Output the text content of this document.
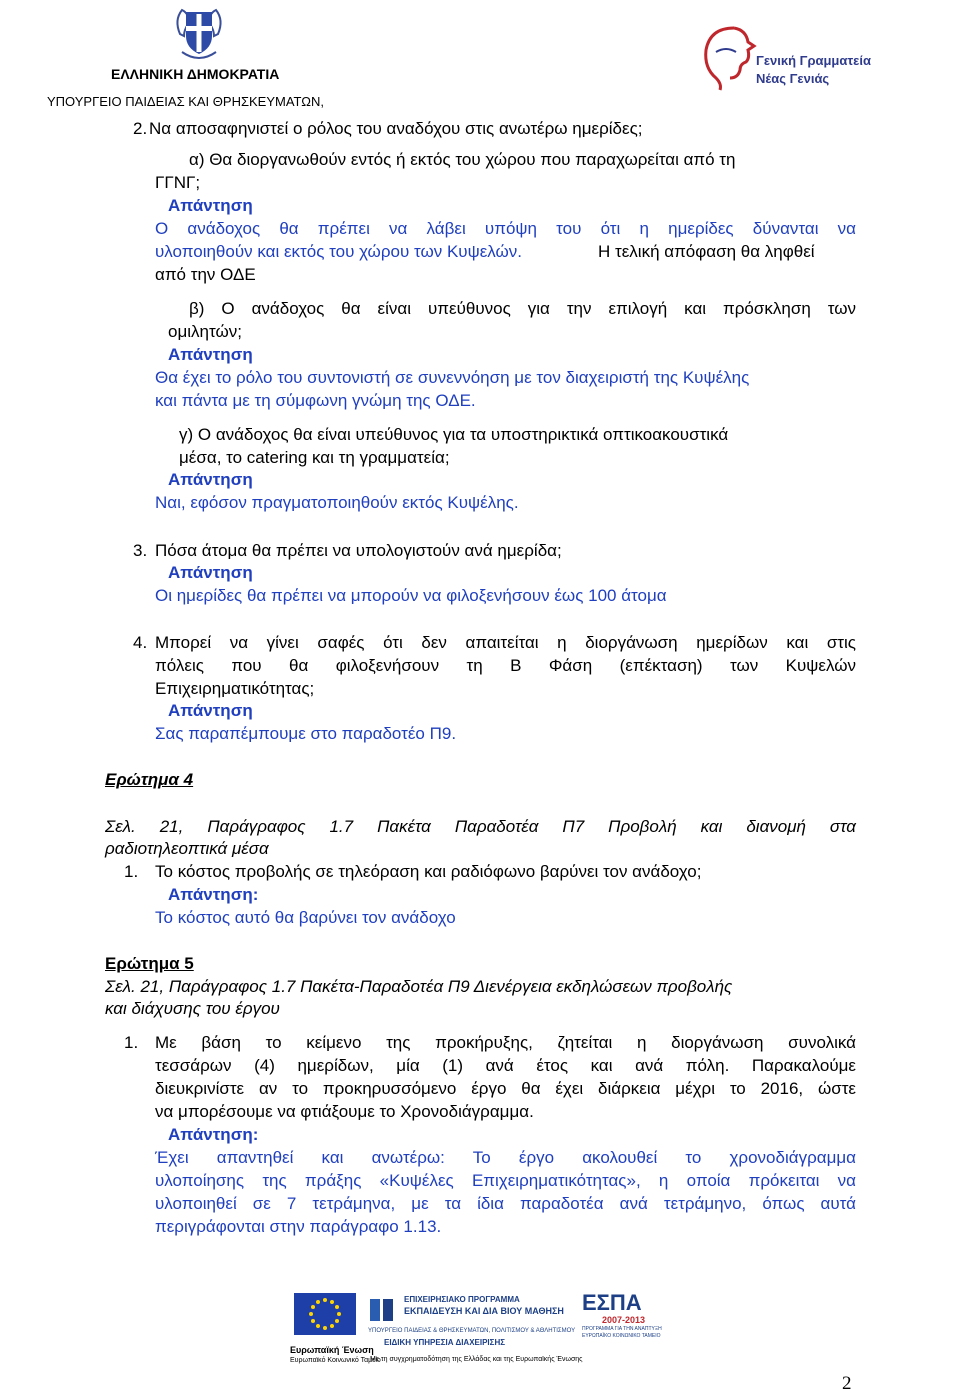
ΕΛΛΗΝΙΚΗ ΔΗΜΟΚΡΑΤΙΑ
ΥΠΟΥΡΓΕΙΟ ΠΑΙΔΕΙΑΣ ΚΑΙ ΘΡΗΣΚΕΥΜΑΤΩΝ,
Γενική Γραμματεία
Νέας Γενιάς
2. Να αποσαφηνιστεί ο ρόλος του αναδόχου στις ανωτέρω ημερίδες;
α) Θα διοργανωθούν εντός ή εκτός του χώρου που παραχωρείται από τη
ΓΓΝΓ;
Απάντηση
Ο ανάδοχος θα πρέπει να λάβει υπόψη του ότι η ημερίδες δύνανται να
υλοποιηθούν και εκτός του χώρου των Κυψελών.	Η τελική απόφαση θα ληφθεί
από την ΟΔΕ
β) Ο ανάδοχος θα είναι υπεύθυνος για την επιλογή και πρόσκληση των
ομιλητών;
Απάντηση
Θα έχει το ρόλο του συντονιστή σε συνεννόηση με τον διαχειριστή της Κυψέλης
και πάντα με τη σύμφωνη γνώμη της ΟΔΕ.
γ) Ο ανάδοχος θα είναι υπεύθυνος για τα υποστηρικτικά οπτικοακουστικά
μέσα, το catering και τη γραμματεία;
Απάντηση
Ναι, εφόσον πραγματοποιηθούν εκτός Κυψέλης.
3. Πόσα άτομα θα πρέπει να υπολογιστούν ανά ημερίδα;
Απάντηση
Οι ημερίδες θα πρέπει να μπορούν να φιλοξενήσουν έως 100 άτομα
4. Μπορεί να γίνει σαφές ότι δεν απαιτείται η διοργάνωση ημερίδων και στις
πόλεις που θα φιλοξενήσουν τη Β Φάση (επέκταση) των Κυψελών
Επιχειρηματικότητας;
Απάντηση
Σας παραπέμπουμε στο παραδοτέο Π9.
Ερώτημα 4
Σελ. 21, Παράγραφος 1.7 Πακέτα Παραδοτέα Π7 Προβολή και διανομή στα
ραδιοτηλεοπτικά μέσα
1. Το κόστος προβολής σε τηλεόραση και ραδιόφωνο βαρύνει τον ανάδοχο;
Απάντηση:
Το κόστος αυτό θα βαρύνει τον ανάδοχο
Ερώτημα 5
Σελ. 21, Παράγραφος 1.7 Πακέτα-Παραδοτέα Π9 Διενέργεια εκδηλώσεων προβολής
και διάχυσης του έργου
1. Με βάση το κείμενο της προκήρυξης, ζητείται η διοργάνωση συνολικά
τεσσάρων (4) ημερίδων, μία (1) ανά έτος και ανά πόλη. Παρακαλούμε
διευκρινίστε αν το προκηρυσσόμενο έργο θα έχει διάρκεια μέχρι το 2016, ώστε
να μπορέσουμε να φτιάξουμε το Χρονοδιάγραμμα.
Απάντηση:
Έχει απαντηθεί και ανωτέρω: Το έργο ακολουθεί το χρονοδιάγραμμα
υλοποίησης της πράξης «Κυψέλες Επιχειρηματικότητας», η οποία πρόκειται να
υλοποιηθεί σε 7 τετράμηνα, με τα ίδια παραδοτέα ανά τετράμηνο, όπως αυτά
περιγράφονται στην παράγραφο 1.13.
Ευρωπαϊκή Ένωση
Ευρωπαϊκό Κοινωνικό Ταμείο
ΕΠΙΧΕΙΡΗΣΙΑΚΟ ΠΡΟΓΡΑΜΜΑ
ΕΚΠΑΙΔΕΥΣΗ ΚΑΙ ΔΙΑ ΒΙΟΥ ΜΑΘΗΣΗ
ΥΠΟΥΡΓΕΙΟ ΠΑΙΔΕΙΑΣ & ΘΡΗΣΚΕΥΜΑΤΩΝ, ΠΟΛΙΤΙΣΜΟΥ & ΑΘΛΗΤΙΣΜΟΥ
ΕΙΔΙΚΗ ΥΠΗΡΕΣΙΑ ΔΙΑΧΕΙΡΙΣΗΣ
ΕΣΠΑ
2007-2013
ΠΡΟΓΡΑΜΜΑ ΓΙΑ ΤΗΝ ΑΝΑΠΤΥΞΗ
ΕΥΡΩΠΑΪΚΟ ΚΟΙΝΩΝΙΚΟ ΤΑΜΕΙΟ
Με τη συγχρηματοδότηση της Ελλάδας και της Ευρωπαϊκής Ένωσης
2
